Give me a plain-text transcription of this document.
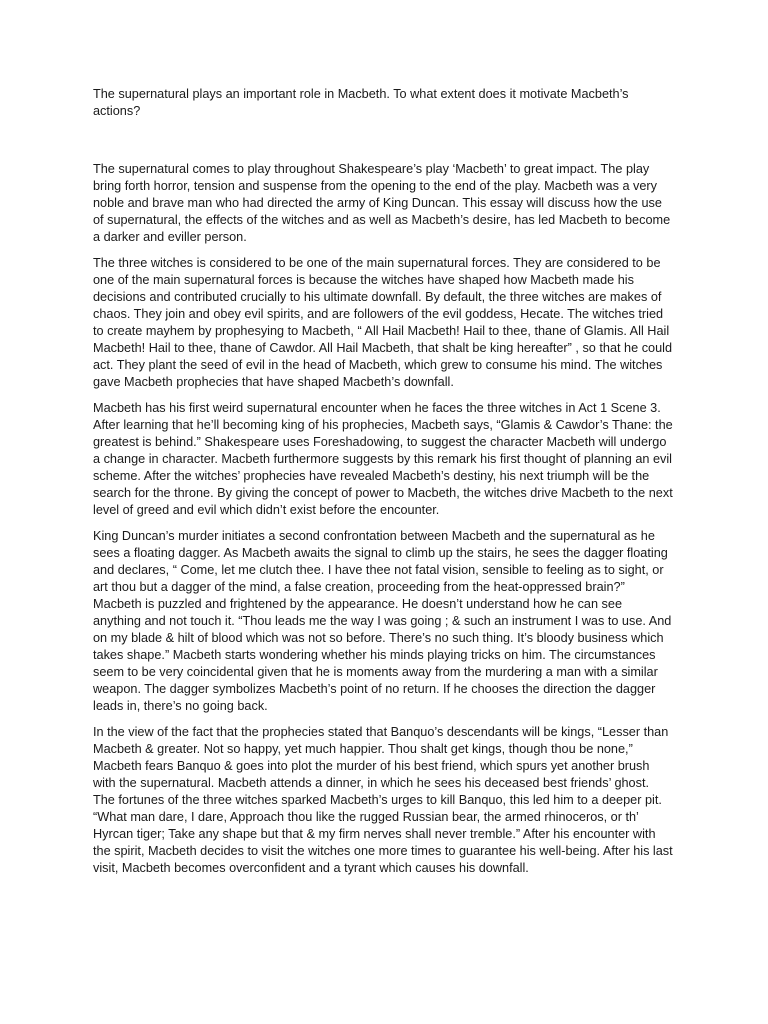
The supernatural plays an important role in Macbeth. To what extent does it motivate Macbeth’s actions?

The supernatural comes to play throughout Shakespeare’s play ‘Macbeth’ to great impact. The play bring forth horror, tension and suspense from the opening to the end of the play. Macbeth was a very noble and brave man who had directed the army of King Duncan. This essay will discuss how the use of supernatural, the effects of the witches and as well as Macbeth’s desire, has led Macbeth to become a darker and eviller person.

The three witches is considered to be one of the main supernatural forces. They are considered to be one of the main supernatural forces is because the witches have shaped how Macbeth made his decisions and contributed crucially to his ultimate downfall. By default, the three witches are makes of chaos. They join and obey evil spirits, and are followers of the evil goddess, Hecate. The witches tried to create mayhem by prophesying to Macbeth, “ All Hail Macbeth! Hail to thee, thane of Glamis. All Hail Macbeth! Hail to thee, thane of Cawdor. All Hail Macbeth, that shalt be king hereafter” , so that he could act. They plant the seed of evil in the head of Macbeth, which grew to consume his mind. The witches gave Macbeth prophecies that have shaped Macbeth’s downfall.

Macbeth has his first weird supernatural encounter when he faces the three witches in Act 1 Scene 3. After learning that he’ll becoming king of his prophecies, Macbeth says, “Glamis & Cawdor’s Thane: the greatest is behind.” Shakespeare uses Foreshadowing, to suggest the character Macbeth will undergo a change in character. Macbeth furthermore suggests by this remark his first thought of planning an evil scheme. After the witches’ prophecies have revealed Macbeth’s destiny, his next triumph will be the search for the throne. By giving the concept of power to Macbeth, the witches drive Macbeth to the next level of greed and evil which didn’t exist before the encounter.

King Duncan’s murder initiates a second confrontation between Macbeth and the supernatural as he sees a floating dagger. As Macbeth awaits the signal to climb up the stairs, he sees the dagger floating and declares, “ Come, let me clutch thee. I have thee not fatal vision, sensible to feeling as to sight, or art thou but a dagger of the mind, a false creation, proceeding from the heat-oppressed brain?” Macbeth is puzzled and frightened by the appearance. He doesn’t understand how he can see anything and not touch it. “Thou leads me the way I was going ; & such an instrument I was to use. And on my blade & hilt of blood which was not so before. There’s no such thing. It’s bloody business which takes shape.” Macbeth starts wondering whether his minds playing tricks on him. The circumstances seem to be very coincidental given that he is moments away from the murdering a man with a similar weapon. The dagger symbolizes Macbeth’s point of no return. If he chooses the direction the dagger leads in, there’s no going back.

In the view of the fact that the prophecies stated that Banquo’s descendants will be kings, “Lesser than Macbeth & greater. Not so happy, yet much happier. Thou shalt get kings, though thou be none,” Macbeth fears Banquo & goes into plot the murder of his best friend, which spurs yet another brush with the supernatural. Macbeth attends a dinner, in which he sees his deceased best friends’ ghost. The fortunes of the three witches sparked Macbeth’s urges to kill Banquo, this led him to a deeper pit. “What man dare, I dare, Approach thou like the rugged Russian bear, the armed rhinoceros, or th’ Hyrcan tiger; Take any shape but that & my firm nerves shall never tremble.” After his encounter with the spirit, Macbeth decides to visit the witches one more times to guarantee his well-being. After his last visit, Macbeth becomes overconfident and a tyrant which causes his downfall.
